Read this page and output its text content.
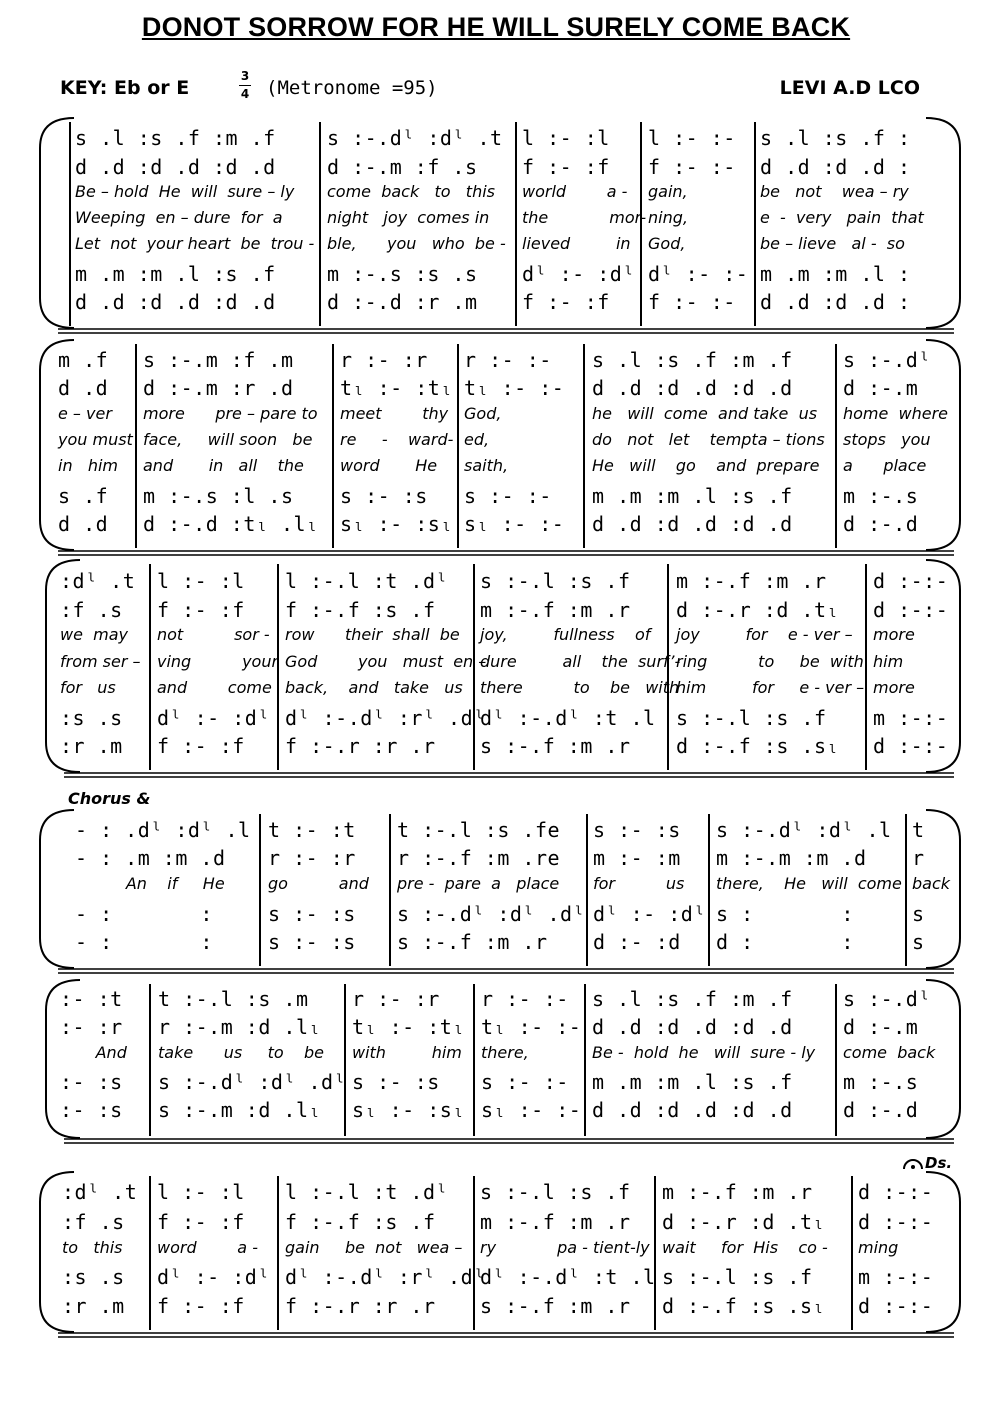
DONOT SORROW FOR HE WILL SURELY COME BACK
KEY: Eb or E
3
4 (Metronome =95)	LEVI A.D LCO
Chorus &
Ds.
s .l :s .f :m .f
d .d :d .d :d .d
Be – hold  He  will  sure – ly
Weeping  en – dure  for  a
Let  not  your heart  be  trou -
m .m :m .l :s .f
d .d :d .d :d .d
s :-.dˡ :dˡ .t
d :-.m :f .s
come  back   to   this
night   joy  comes in
ble,      you   who  be -
m :-.s :s .s
d :-.d :r .m
l :- :l
f :- :f
world        a -
the            mor-
lieved         in
dˡ :- :dˡ
f :- :f
l :- :-
f :- :-
gain,
ning,
God,
dˡ :- :-
f :- :-
s .l :s .f :
d .d :d .d :
be   not    wea – ry
e  -  very   pain  that
be – lieve   al -  so
m .m :m .l :
d .d :d .d :
m .f
d .d
e – ver
you must
in   him
s .f
d .d
s :-.m :f .m
d :-.m :r .d
more      pre – pare to
face,     will soon   be
and       in   all    the
m :-.s :l .s
d :-.d :tₗ .lₗ
r :- :r
tₗ :- :tₗ
meet        thy
re     -    ward-
word       He
s :- :s
sₗ :- :sₗ
r :- :-
tₗ :- :-
God,
ed,
saith,
s :- :-
sₗ :- :-
s .l :s .f :m .f
d .d :d .d :d .d
he   will  come  and take  us
do   not   let    tempta – tions
He   will    go    and  prepare
m .m :m .l :s .f
d .d :d .d :d .d
s :-.dˡ
d :-.m
home  where
stops   you
a      place
m :-.s
d :-.d
:dˡ .t
:f .s
we  may
from ser –
for   us
:s .s
:r .m
l :- :l
f :- :f
not          sor -
ving          your
and        come
dˡ :- :dˡ
f :- :f
l :-.l :t .dˡ
f :-.f :s .f
row      their  shall  be
God        you   must  en –
back,    and   take   us
dˡ :-.dˡ :rˡ .dˡ
f :-.r :r .r
s :-.l :s .f
m :-.f :m .r
joy,         fullness    of
dure         all    the  surf’-
there          to    be   with
dˡ :-.dˡ :t .l
s :-.f :m .r
m :-.f :m .r
d :-.r :d .tₗ
joy         for    e - ver –
ring          to     be  with
him         for     e - ver –
s :-.l :s .f
d :-.f :s .sₗ
d :-:-
d :-:-
more
him
more
m :-:-
d :-:-
- : .dˡ :dˡ .l
- : .m :m .d
An    if     He
- :       :
- :       :
t :- :t
r :- :r
go          and
s :- :s
s :- :s
t :-.l :s .fe
r :-.f :m .re
pre -  pare  a   place
s :-.dˡ :dˡ .dˡ
s :-.f :m .r
s :- :s
m :- :m
for          us
dˡ :- :dˡ
d :- :d
s :-.dˡ :dˡ .l
m :-.m :m .d
there,    He   will  come
s :       :
d :       :
t
r
back
s
s
:- :t
:- :r
And
:- :s
:- :s
t :-.l :s .m
r :-.m :d .lₗ
take      us     to    be
s :-.dˡ :dˡ .dˡ
s :-.m :d .lₗ
r :- :r
tₗ :- :tₗ
with         him
s :- :s
sₗ :- :sₗ
r :- :-
tₗ :- :-
there,
s :- :-
sₗ :- :-
s .l :s .f :m .f
d .d :d .d :d .d
Be -  hold  he   will  sure - ly
m .m :m .l :s .f
d .d :d .d :d .d
s :-.dˡ
d :-.m
come  back
m :-.s
d :-.d
:dˡ .t
:f .s
to   this
:s .s
:r .m
l :- :l
f :- :f
word        a -
dˡ :- :dˡ
f :- :f
l :-.l :t .dˡ
f :-.f :s .f
gain     be  not   wea –
dˡ :-.dˡ :rˡ .dˡ
f :-.r :r .r
s :-.l :s .f
m :-.f :m .r
ry            pa - tient-ly
dˡ :-.dˡ :t .l
s :-.f :m .r
m :-.f :m .r
d :-.r :d .tₗ
wait     for  His    co -
s :-.l :s .f
d :-.f :s .sₗ
d :-:-
d :-:-
ming
m :-:-
d :-:-
